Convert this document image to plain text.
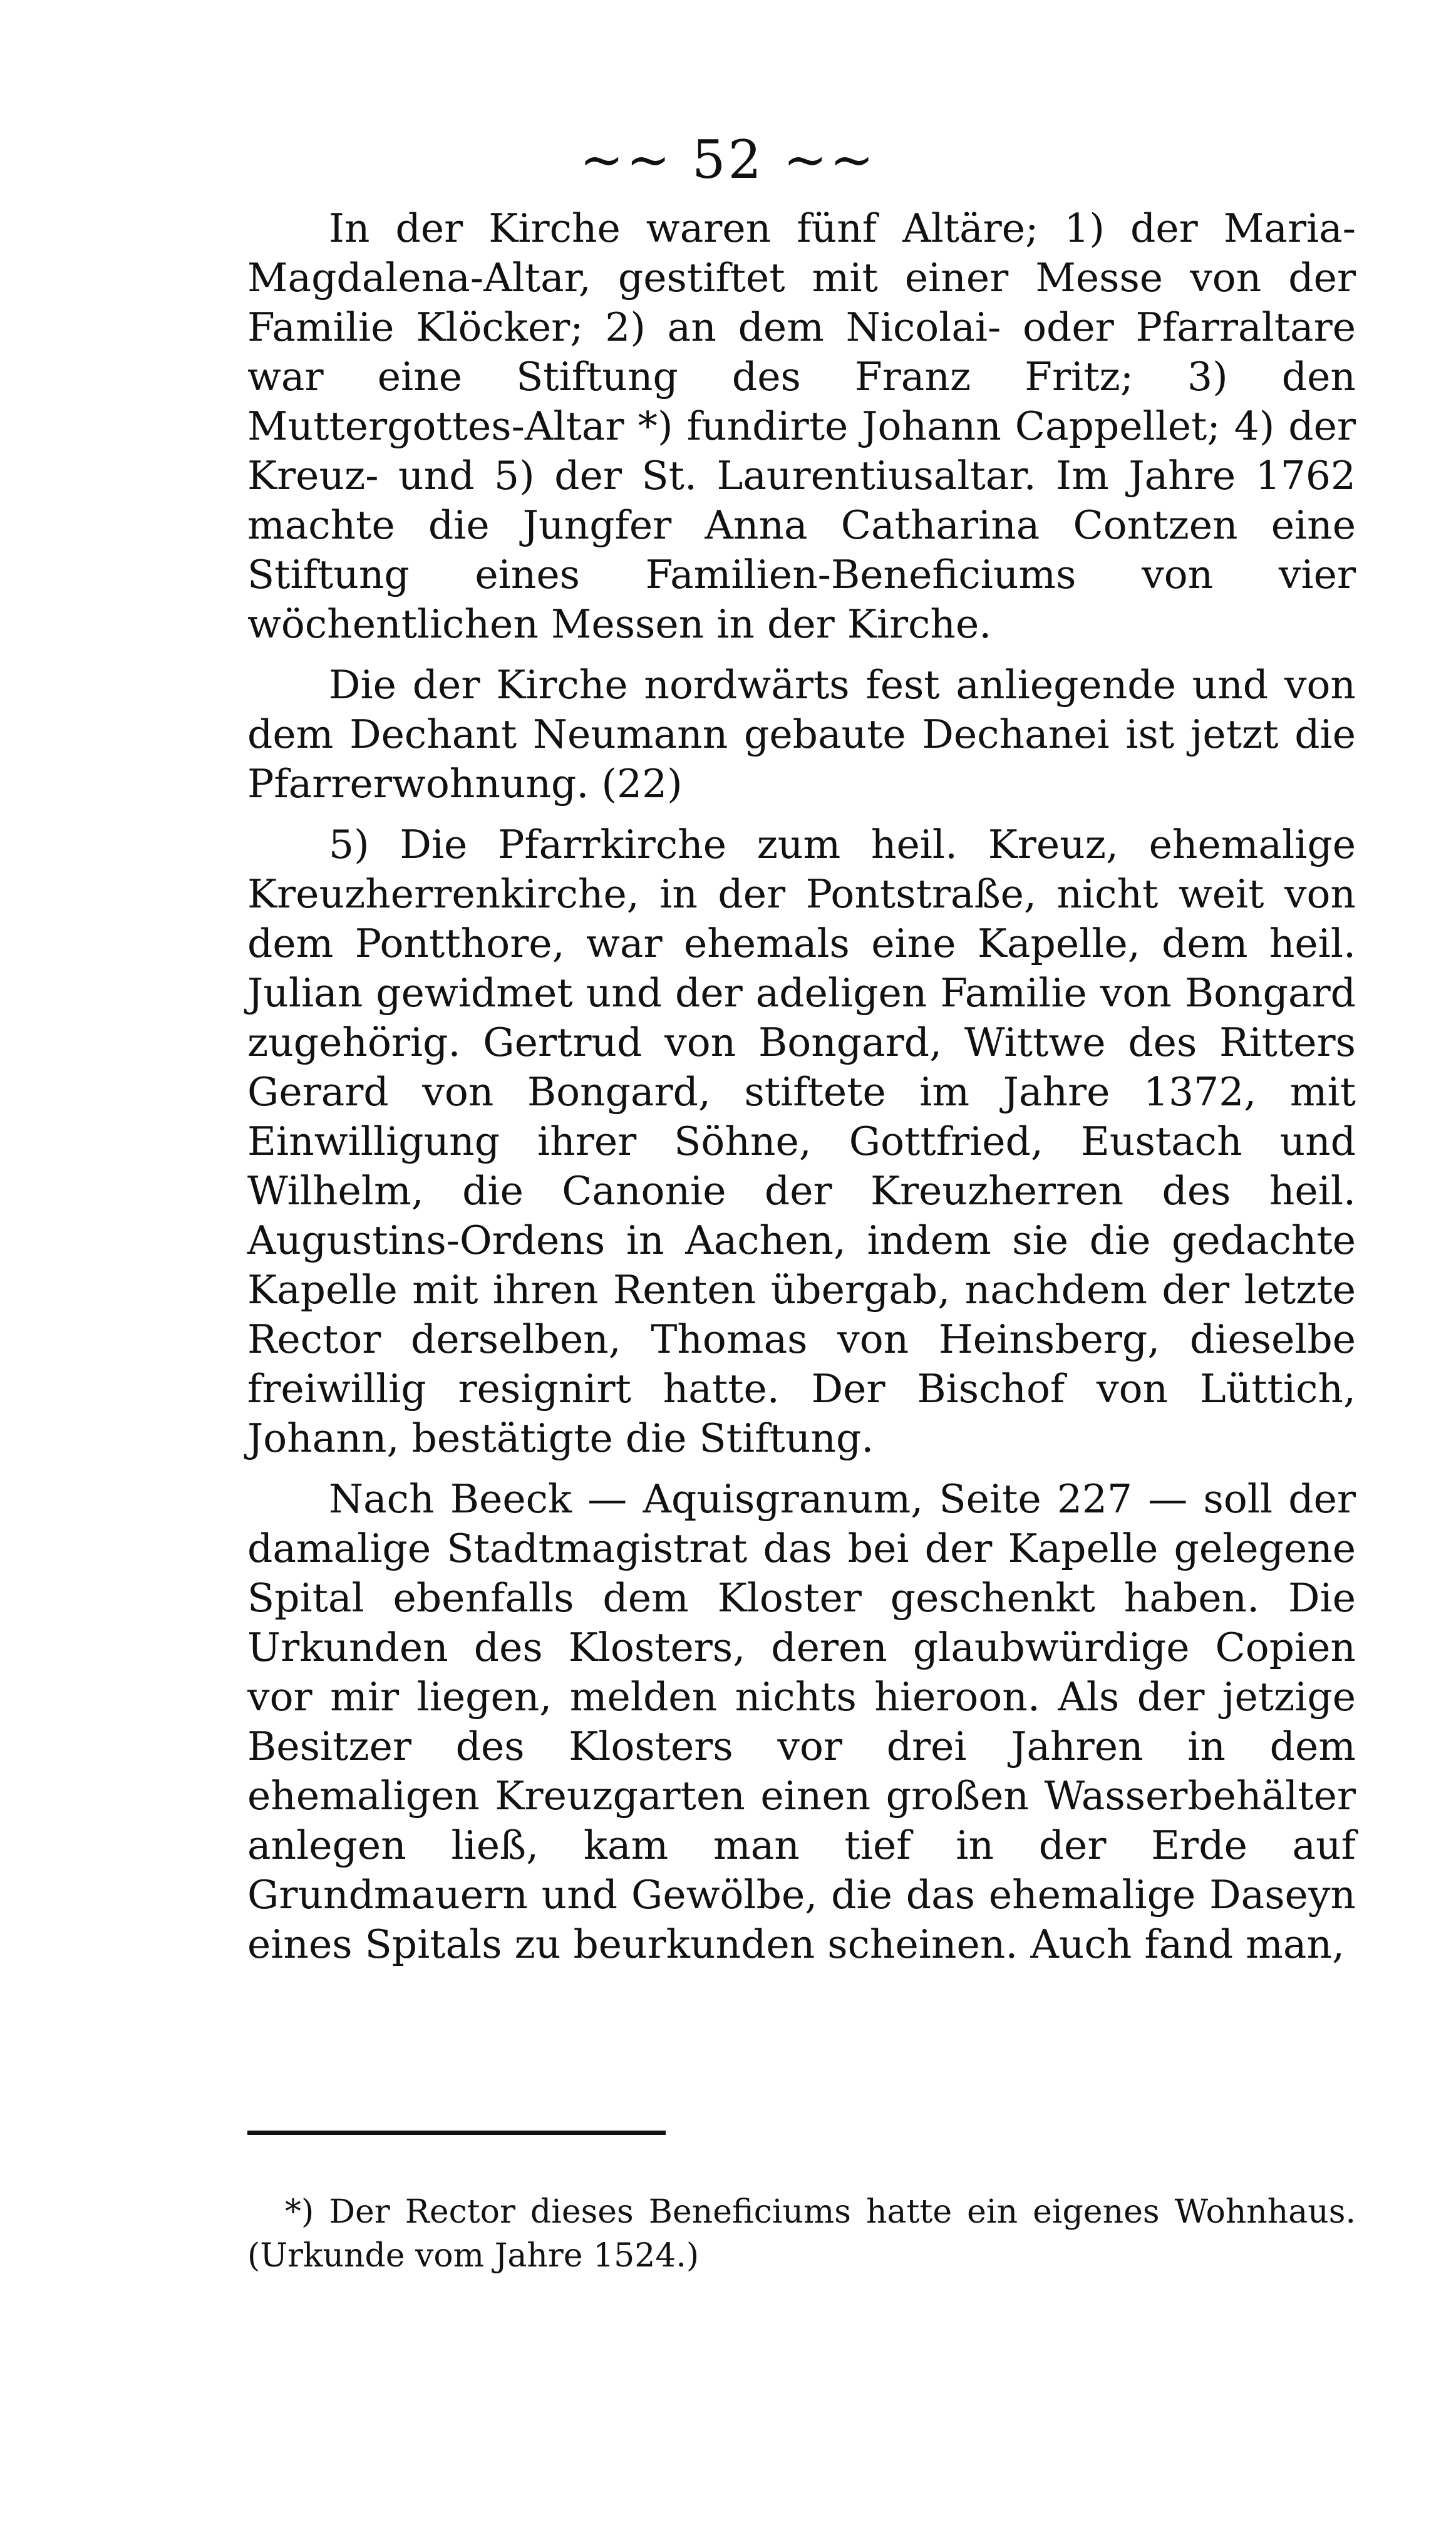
~~ 52 ~~

In der Kirche waren fünf Altäre; 1) der Maria-Magdalena-Altar, gestiftet mit einer Messe von der Familie Klöcker; 2) an dem Nicolai- oder Pfarraltare war eine Stiftung des Franz Fritz; 3) den Muttergottes-Altar *) fundirte Johann Cappellet; 4) der Kreuz- und 5) der St. Laurentiusaltar. Im Jahre 1762 machte die Jungfer Anna Catharina Contzen eine Stiftung eines Familien-Beneficiums von vier wöchentlichen Messen in der Kirche.

Die der Kirche nordwärts fest anliegende und von dem Dechant Neumann gebaute Dechanei ist jetzt die Pfarrerwohnung. (22)

5) Die Pfarrkirche zum heil. Kreuz, ehemalige Kreuzherrenkirche, in der Pontstraße, nicht weit von dem Pontthore, war ehemals eine Kapelle, dem heil. Julian gewidmet und der adeligen Familie von Bongard zugehörig. Gertrud von Bongard, Wittwe des Ritters Gerard von Bongard, stiftete im Jahre 1372, mit Einwilligung ihrer Söhne, Gottfried, Eustach und Wilhelm, die Canonie der Kreuzherren des heil. Augustins-Ordens in Aachen, indem sie die gedachte Kapelle mit ihren Renten übergab, nachdem der letzte Rector derselben, Thomas von Heinsberg, dieselbe freiwillig resignirt hatte. Der Bischof von Lüttich, Johann, bestätigte die Stiftung.

Nach Beeck — Aquisgranum, Seite 227 — soll der damalige Stadtmagistrat das bei der Kapelle gelegene Spital ebenfalls dem Kloster geschenkt haben. Die Urkunden des Klosters, deren glaubwürdige Copien vor mir liegen, melden nichts hieroon. Als der jetzige Besitzer des Klosters vor drei Jahren in dem ehemaligen Kreuzgarten einen großen Wasserbehälter anlegen ließ, kam man tief in der Erde auf Grundmauern und Gewölbe, die das ehemalige Daseyn eines Spitals zu beurkunden scheinen. Auch fand man,

*) Der Rector dieses Beneficiums hatte ein eigenes Wohnhaus. (Urkunde vom Jahre 1524.)
